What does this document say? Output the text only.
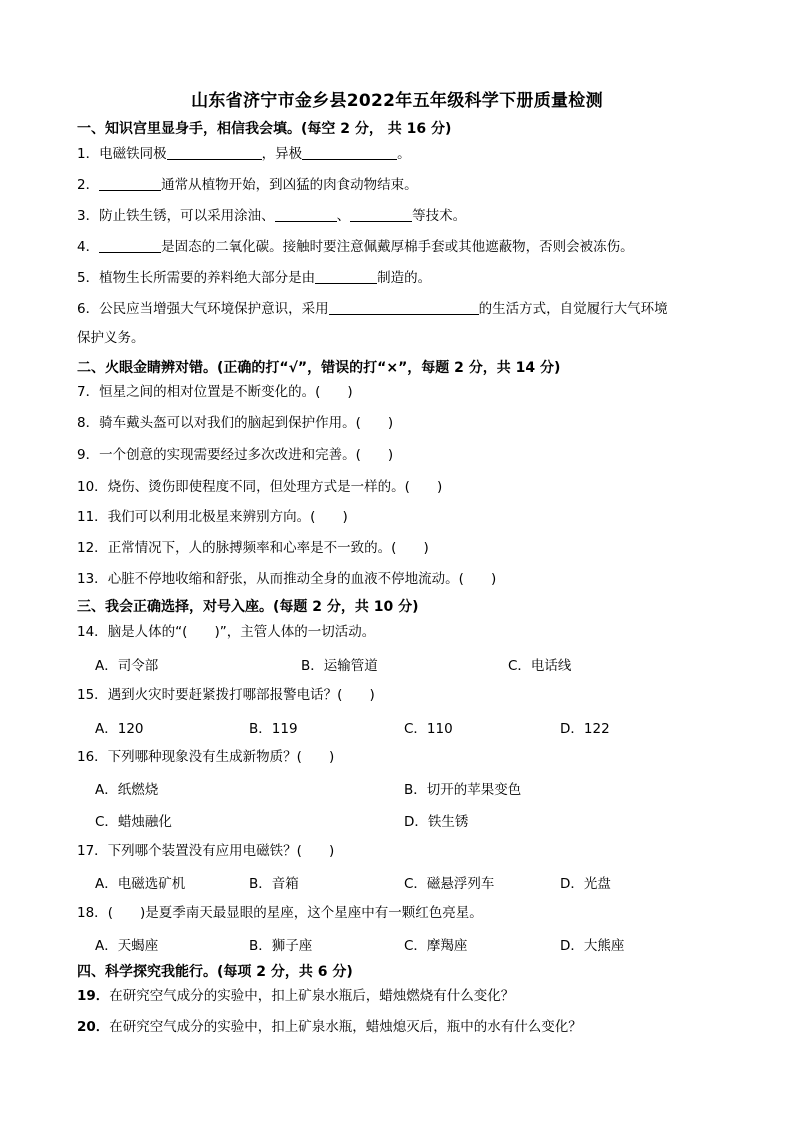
山东省济宁市金乡县2022年五年级科学下册质量检测
一、知识宫里显身手，相信我会填。(每空 2 分， 共 16 分)
1．电磁铁同极	，异极	。
2．	通常从植物开始，到凶猛的肉食动物结束。
3．防止铁生锈，可以采用涂油、	、	等技术。
4．	是固态的二氧化碳。接触时要注意佩戴厚棉手套或其他遮蔽物，否则会被冻伤。
5．植物生长所需要的养料绝大部分是由	制造的。
6．公民应当增强大气环境保护意识，采用	的生活方式，自觉履行大气环境
保护义务。
二、火眼金睛辨对错。(正确的打“√”，错误的打“×”，每题 2 分，共 14 分)
7．恒星之间的相对位置是不断变化的。(　　)
8．骑车戴头盔可以对我们的脑起到保护作用。(　　)
9．一个创意的实现需要经过多次改进和完善。(　　)
10．烧伤、烫伤即使程度不同，但处理方式是一样的。(　　)
11．我们可以利用北极星来辨别方向。(　　)
12．正常情况下，人的脉搏频率和心率是不一致的。(　　)
13．心脏不停地收缩和舒张，从而推动全身的血液不停地流动。(　　)
三、我会正确选择，对号入座。(每题 2 分，共 10 分)
14．脑是人体的“(　　)”，主管人体的一切活动。
A．司令部	B．运输管道	C．电话线
15．遇到火灾时要赶紧拨打哪部报警电话？(　　)
A．120	B．119	C．110	D．122
16．下列哪种现象没有生成新物质？(　　)
A．纸燃烧	B．切开的苹果变色
C．蜡烛融化	D．铁生锈
17．下列哪个装置没有应用电磁铁？(　　)
A．电磁选矿机	B．音箱	C．磁悬浮列车	D．光盘
18．(　　)是夏季南天最显眼的星座，这个星座中有一颗红色亮星。
A．天蝎座	B．狮子座	C．摩羯座	D．大熊座
四、科学探究我能行。(每项 2 分，共 6 分)
19．在研究空气成分的实验中，扣上矿泉水瓶后，蜡烛燃烧有什么变化？
20．在研究空气成分的实验中，扣上矿泉水瓶，蜡烛熄灭后，瓶中的水有什么变化？
